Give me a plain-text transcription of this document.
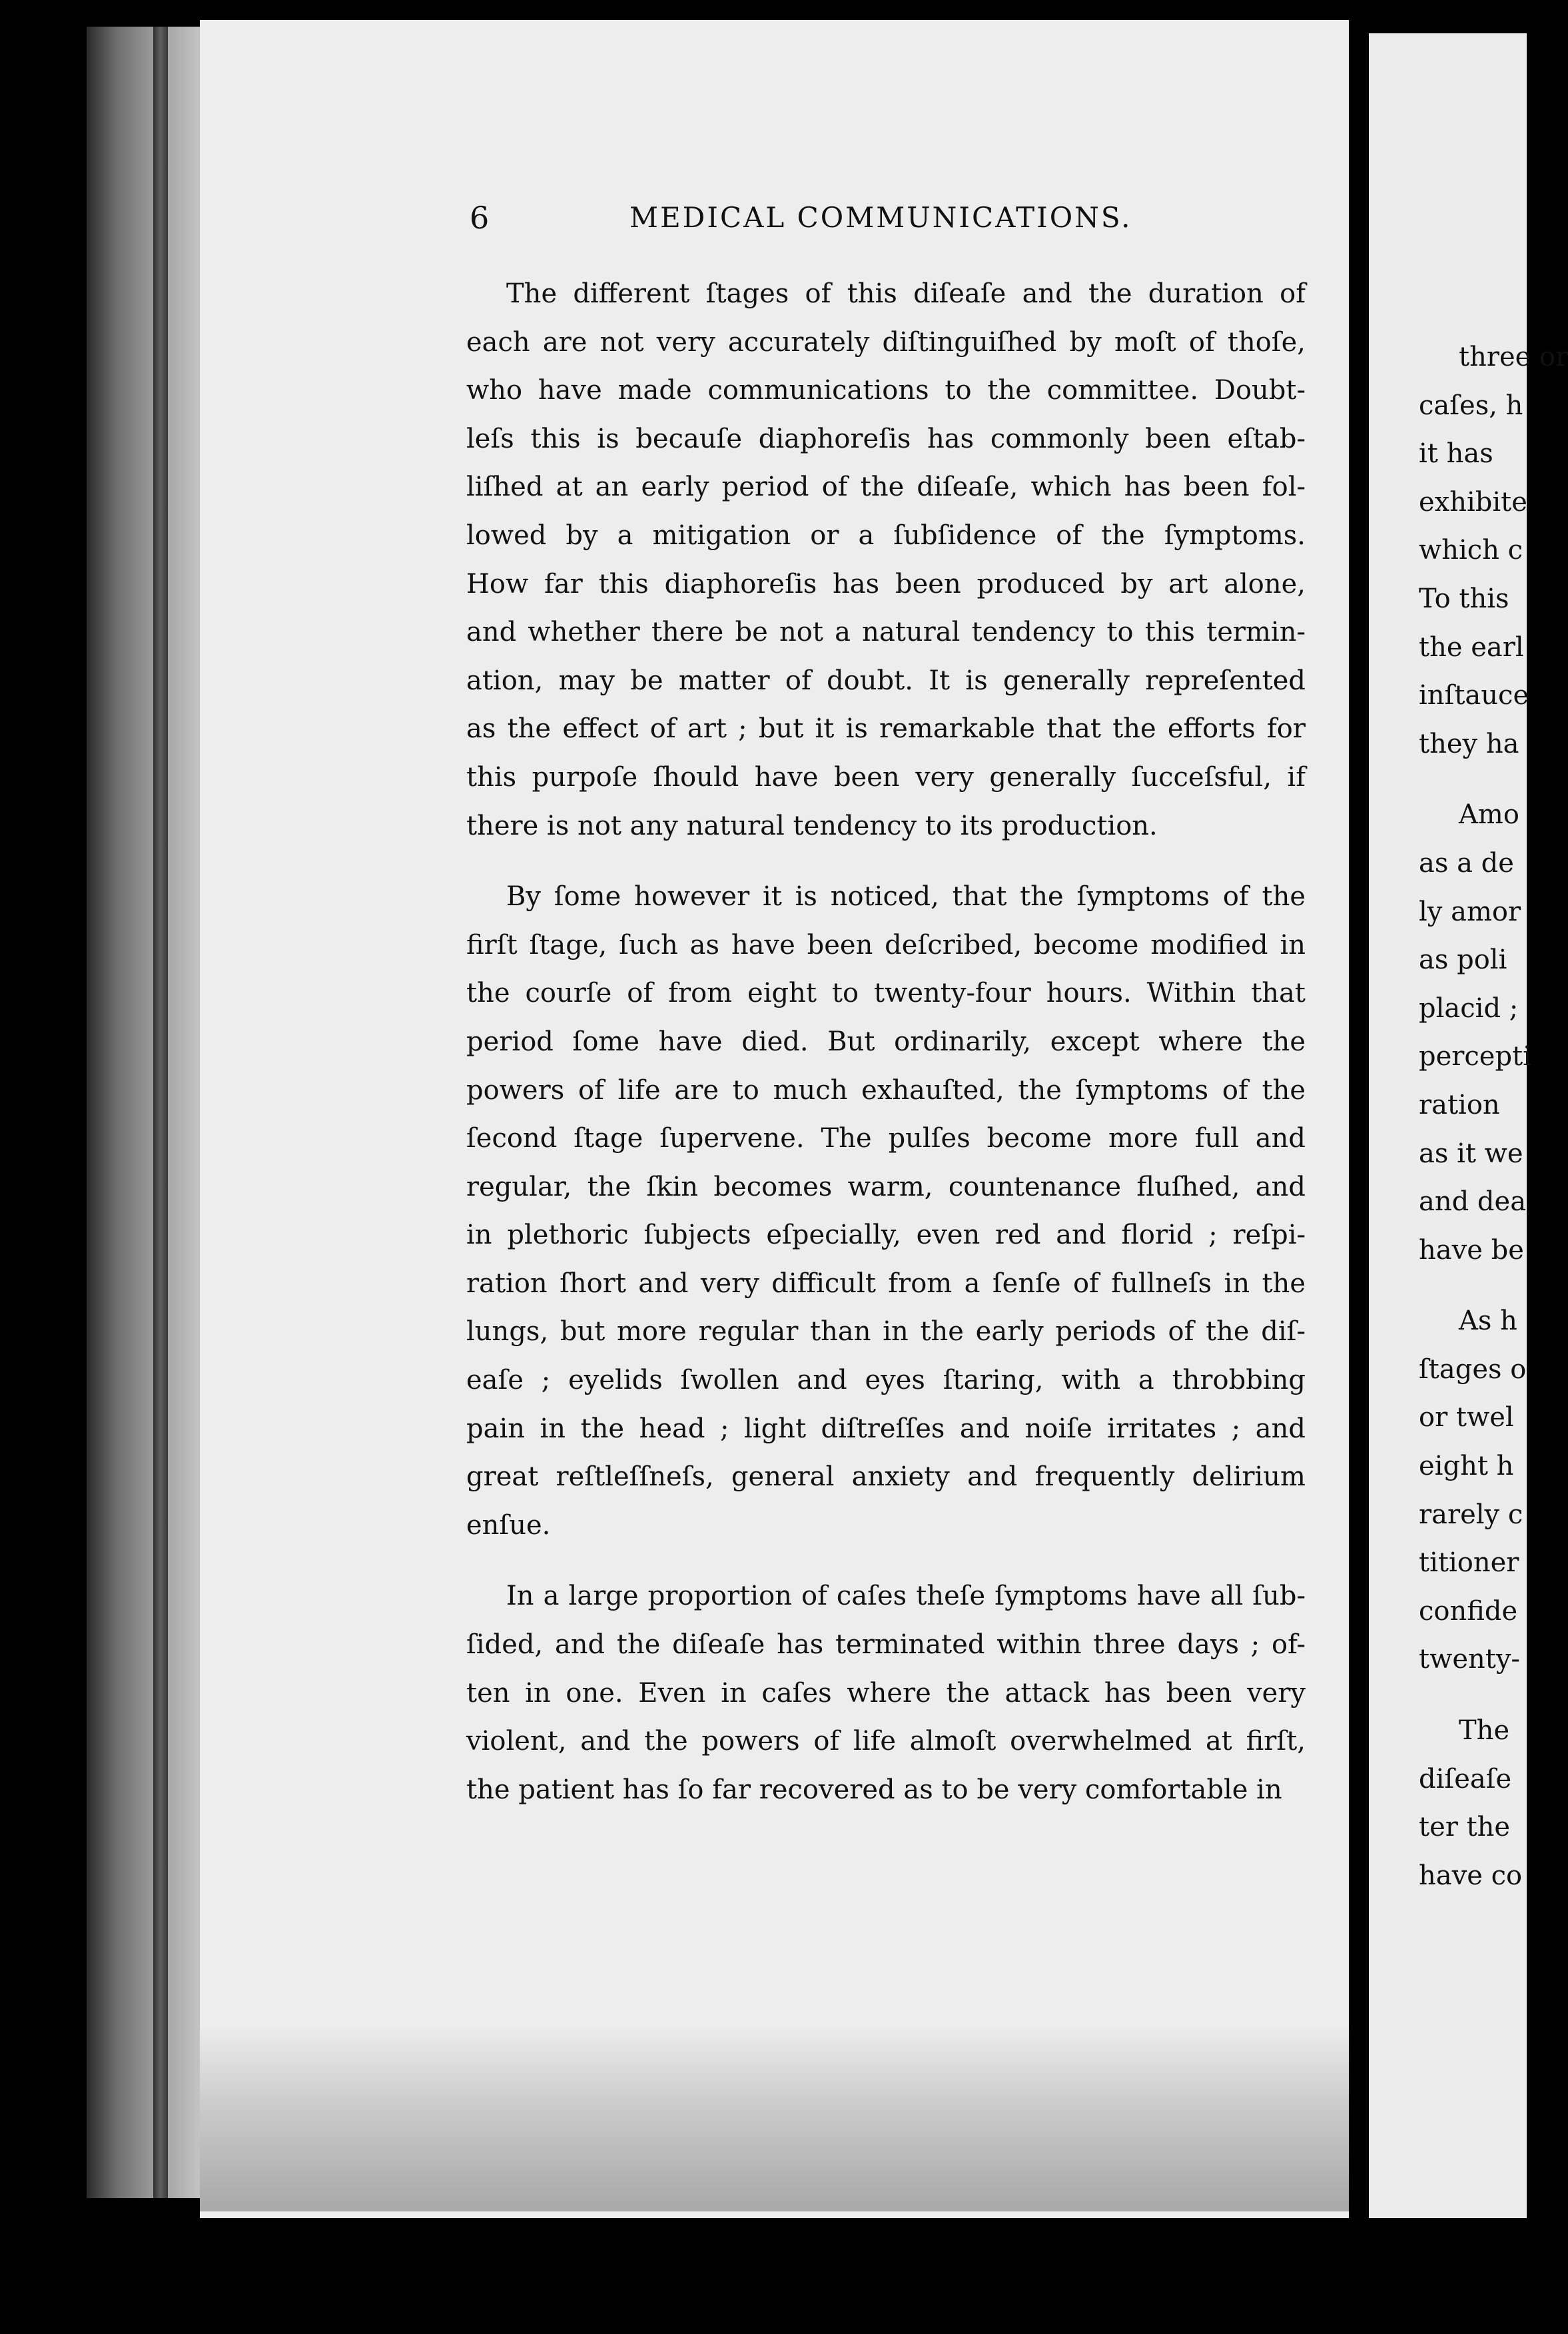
three or
caſes, h
it has
exhibite
which c
To this
the earl
inſtauce
they ha
Amo
as a de
ly amor
as poli
placid ;
percepti
ration
as it we
and dea
have be
As h
ſtages o
or twel
eight h
rarely c
titioner
confide
twenty-
The
diſeaſe
ter the
have co

6	MEDICAL COMMUNICATIONS.
The different ſtages of this diſeaſe and the duration of
each are not very accurately diſtinguiſhed by moſt of thoſe,
who have made communications to the committee. Doubt-
leſs this is becauſe diaphoreſis has commonly been eſtab-
liſhed at an early period of the diſeaſe, which has been fol-
lowed by a mitigation or a ſubſidence of the ſymptoms.
How far this diaphoreſis has been produced by art alone,
and whether there be not a natural tendency to this termin-
ation, may be matter of doubt. It is generally repreſented
as the effect of art ; but it is remarkable that the efforts for
this purpoſe ſhould have been very generally ſucceſsful, if
there is not any natural tendency to its production.
By ſome however it is noticed, that the ſymptoms of the
firſt ſtage, ſuch as have been deſcribed, become modified in
the courſe of from eight to twenty-four hours. Within that
period ſome have died. But ordinarily, except where the
powers of life are to much exhauſted, the ſymptoms of the
ſecond ſtage ſupervene. The pulſes become more full and
regular, the ſkin becomes warm, countenance fluſhed, and
in plethoric ſubjects eſpecially, even red and florid ; reſpi-
ration ſhort and very difficult from a ſenſe of fullneſs in the
lungs, but more regular than in the early periods of the diſ-
eaſe ; eyelids ſwollen and eyes ſtaring, with a throbbing
pain in the head ; light diſtreſſes and noiſe irritates ; and
great reſtleſſneſs, general anxiety and frequently delirium
enſue.
In a large proportion of caſes theſe ſymptoms have all ſub-
ſided, and the diſeaſe has terminated within three days ; of-
ten in one. Even in caſes where the attack has been very
violent, and the powers of life almoſt overwhelmed at firſt,
the patient has ſo far recovered as to be very comfortable in
